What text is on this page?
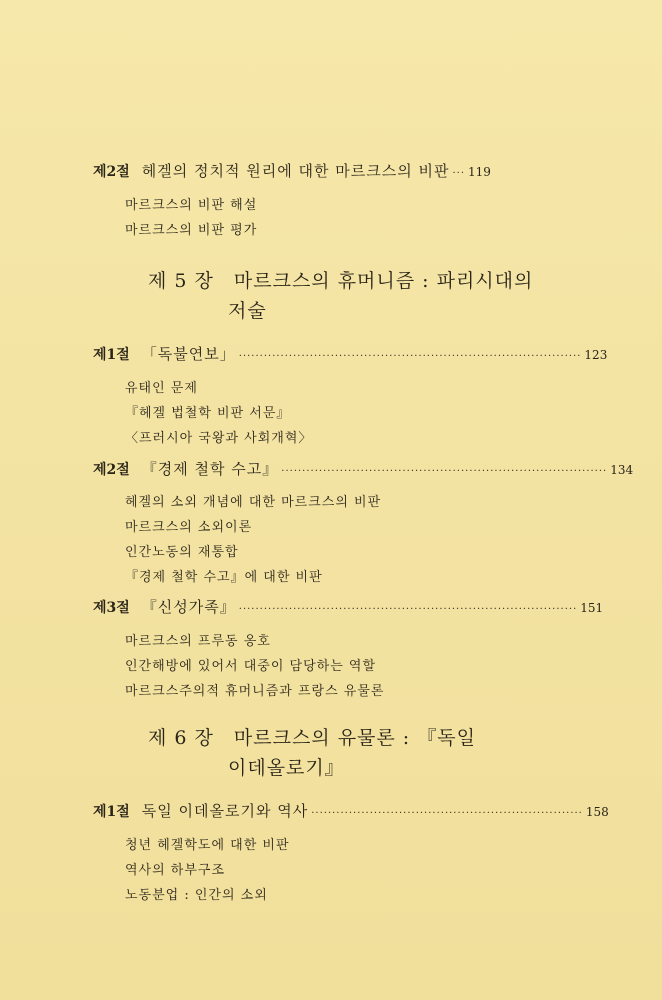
제2절 헤겔의 정치적 원리에 대한 마르크스의 비판 ··· 119
마르크스의 비판 해설
마르크스의 비판 평가
제 5 장 마르크스의 휴머니즘 : 파리시대의
저술
제1절 「독불연보」 ·················································································· 123
유태인 문제
『헤겔 법철학 비판 서문』
〈프러시아 국왕과 사회개혁〉
제2절 『경제 철학 수고』 ·············································································· 134
헤겔의 소외 개념에 대한 마르크스의 비판
마르크스의 소외이론
인간노동의 재통합
『경제 철학 수고』에 대한 비판
제3절 『신성가족』 ················································································· 151
마르크스의 프루동 옹호
인간해방에 있어서 대중이 담당하는 역할
마르크스주의적 휴머니즘과 프랑스 유물론
제 6 장 마르크스의 유물론 : 『독일
이데올로기』
제1절 독일 이데올로기와 역사 ································································· 158
청년 헤겔학도에 대한 비판
역사의 하부구조
노동분업 : 인간의 소외
